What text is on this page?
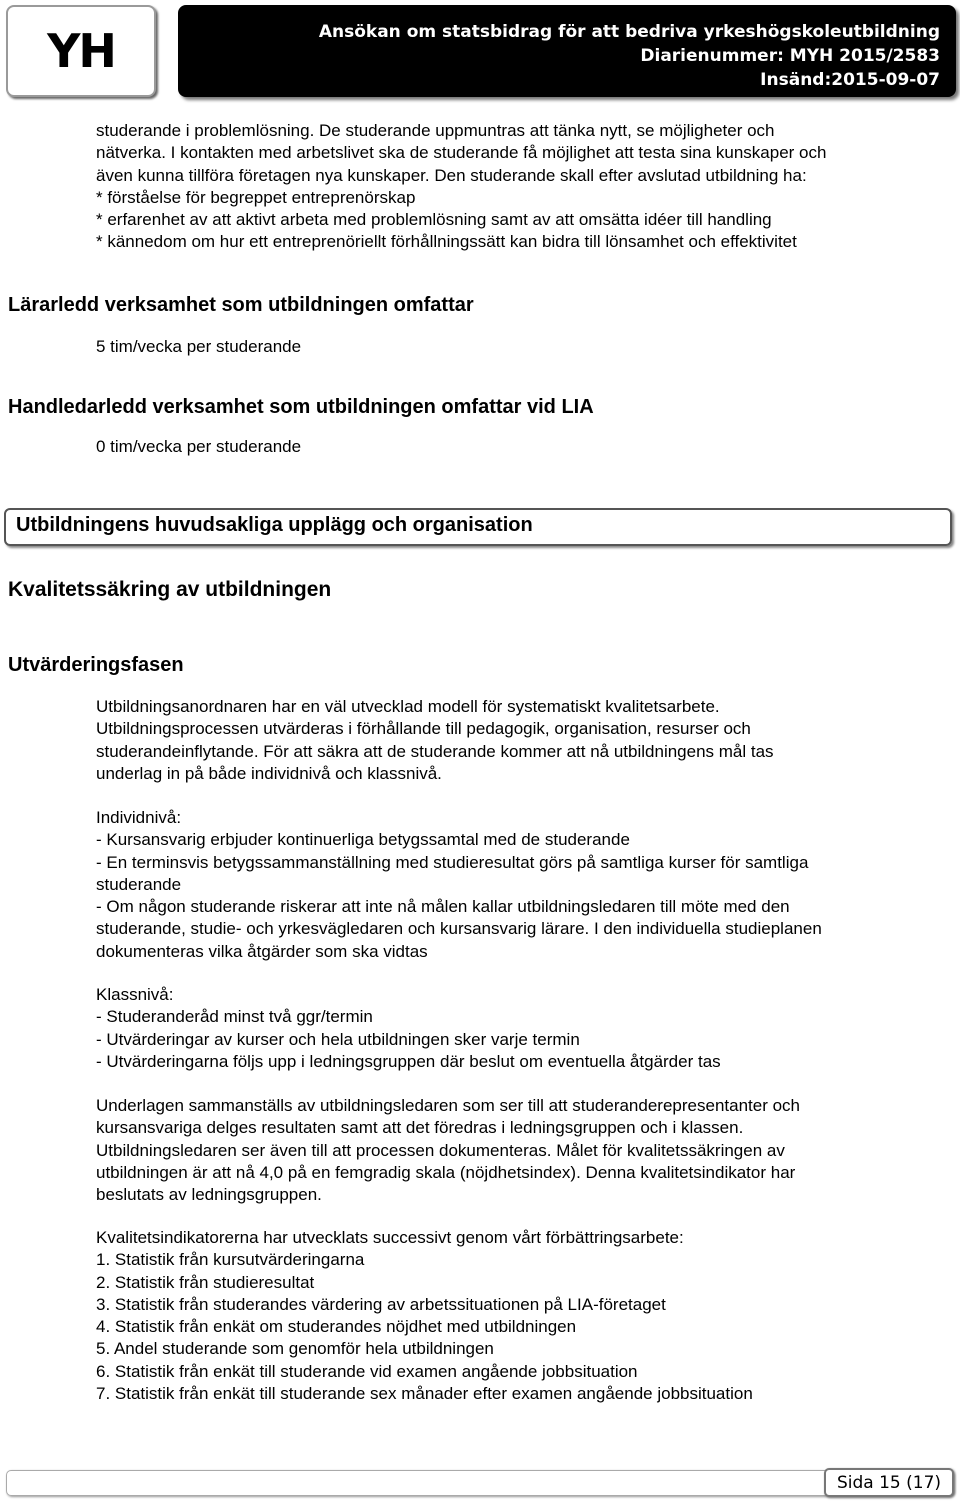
YH	Ansökan om statsbidrag för att bedriva yrkeshögskoleutbildning
Diarienummer: MYH 2015/2583
Insänd:2015-09-07
studerande i problemlösning. De studerande uppmuntras att tänka nytt, se möjligheter och
nätverka. I kontakten med arbetslivet ska de studerande få möjlighet att testa sina kunskaper och
även kunna tillföra företagen nya kunskaper. Den studerande skall efter avslutad utbildning ha:
* förståelse för begreppet entreprenörskap
* erfarenhet av att aktivt arbeta med problemlösning samt av att omsätta idéer till handling
* kännedom om hur ett entreprenöriellt förhållningssätt kan bidra till lönsamhet och effektivitet
Lärarledd verksamhet som utbildningen omfattar
5 tim/vecka per studerande
Handledarledd verksamhet som utbildningen omfattar vid LIA
0 tim/vecka per studerande
Utbildningens huvudsakliga upplägg och organisation
Kvalitetssäkring av utbildningen
Utvärderingsfasen
Utbildningsanordnaren har en väl utvecklad modell för systematiskt kvalitetsarbete.
Utbildningsprocessen utvärderas i förhållande till pedagogik, organisation, resurser och
studerandeinflytande. För att säkra att de studerande kommer att nå utbildningens mål tas
underlag in på både individnivå och klassnivå.
Individnivå:
- Kursansvarig erbjuder kontinuerliga betygssamtal med de studerande
- En terminsvis betygssammanställning med studieresultat görs på samtliga kurser för samtliga
studerande
- Om någon studerande riskerar att inte nå målen kallar utbildningsledaren till möte med den
studerande, studie- och yrkesvägledaren och kursansvarig lärare. I den individuella studieplanen
dokumenteras vilka åtgärder som ska vidtas
Klassnivå:
- Studeranderåd minst två ggr/termin
- Utvärderingar av kurser och hela utbildningen sker varje termin
- Utvärderingarna följs upp i ledningsgruppen där beslut om eventuella åtgärder tas
Underlagen sammanställs av utbildningsledaren som ser till att studeranderepresentanter och
kursansvariga delges resultaten samt att det föredras i ledningsgruppen och i klassen.
Utbildningsledaren ser även till att processen dokumenteras. Målet för kvalitetssäkringen av
utbildningen är att nå 4,0 på en femgradig skala (nöjdhetsindex). Denna kvalitetsindikator har
beslutats av ledningsgruppen.
Kvalitetsindikatorerna har utvecklats successivt genom vårt förbättringsarbete:
1. Statistik från kursutvärderingarna
2. Statistik från studieresultat
3. Statistik från studerandes värdering av arbetssituationen på LIA-företaget
4. Statistik från enkät om studerandes nöjdhet med utbildningen
5. Andel studerande som genomför hela utbildningen
6. Statistik från enkät till studerande vid examen angående jobbsituation
7. Statistik från enkät till studerande sex månader efter examen angående jobbsituation
Sida 15 (17)
